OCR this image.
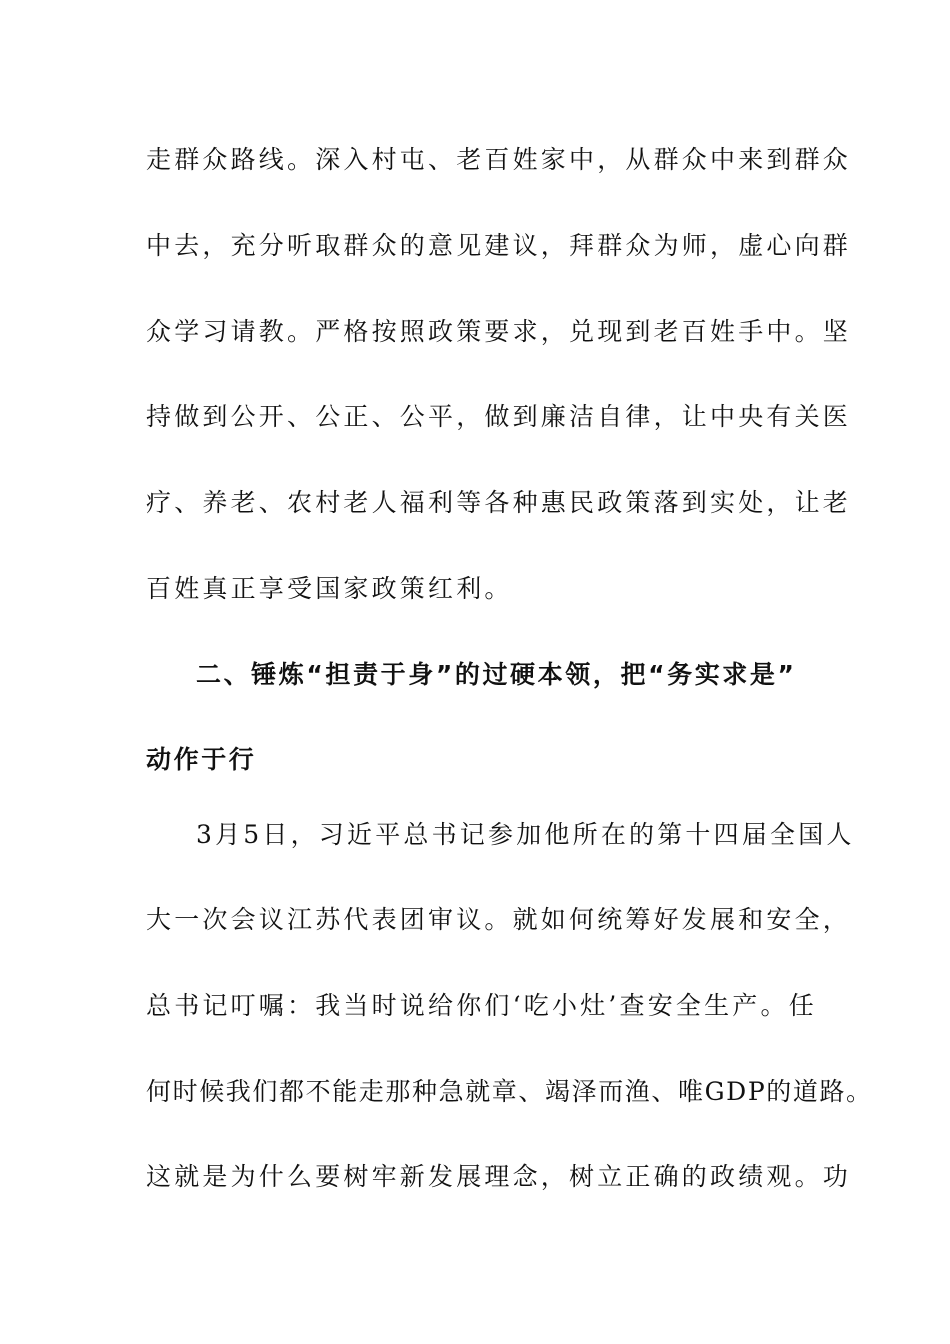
走群众路线。深入村屯、老百姓家中，从群众中来到群众
中去，充分听取群众的意见建议，拜群众为师，虚心向群
众学习请教。严格按照政策要求，兑现到老百姓手中。坚
持做到公开、公正、公平，做到廉洁自律，让中央有关医
疗、养老、农村老人福利等各种惠民政策落到实处，让老
百姓真正享受国家政策红利。
二、锤炼“担责于身”的过硬本领，把“务实求是”
动作于行
3月5日，习近平总书记参加他所在的第十四届全国人
大一次会议江苏代表团审议。就如何统筹好发展和安全，
总书记叮嘱：我当时说给你们‘吃小灶’查安全生产。任
何时候我们都不能走那种急就章、竭泽而渔、唯GDP的道路。
这就是为什么要树牢新发展理念，树立正确的政绩观。功
